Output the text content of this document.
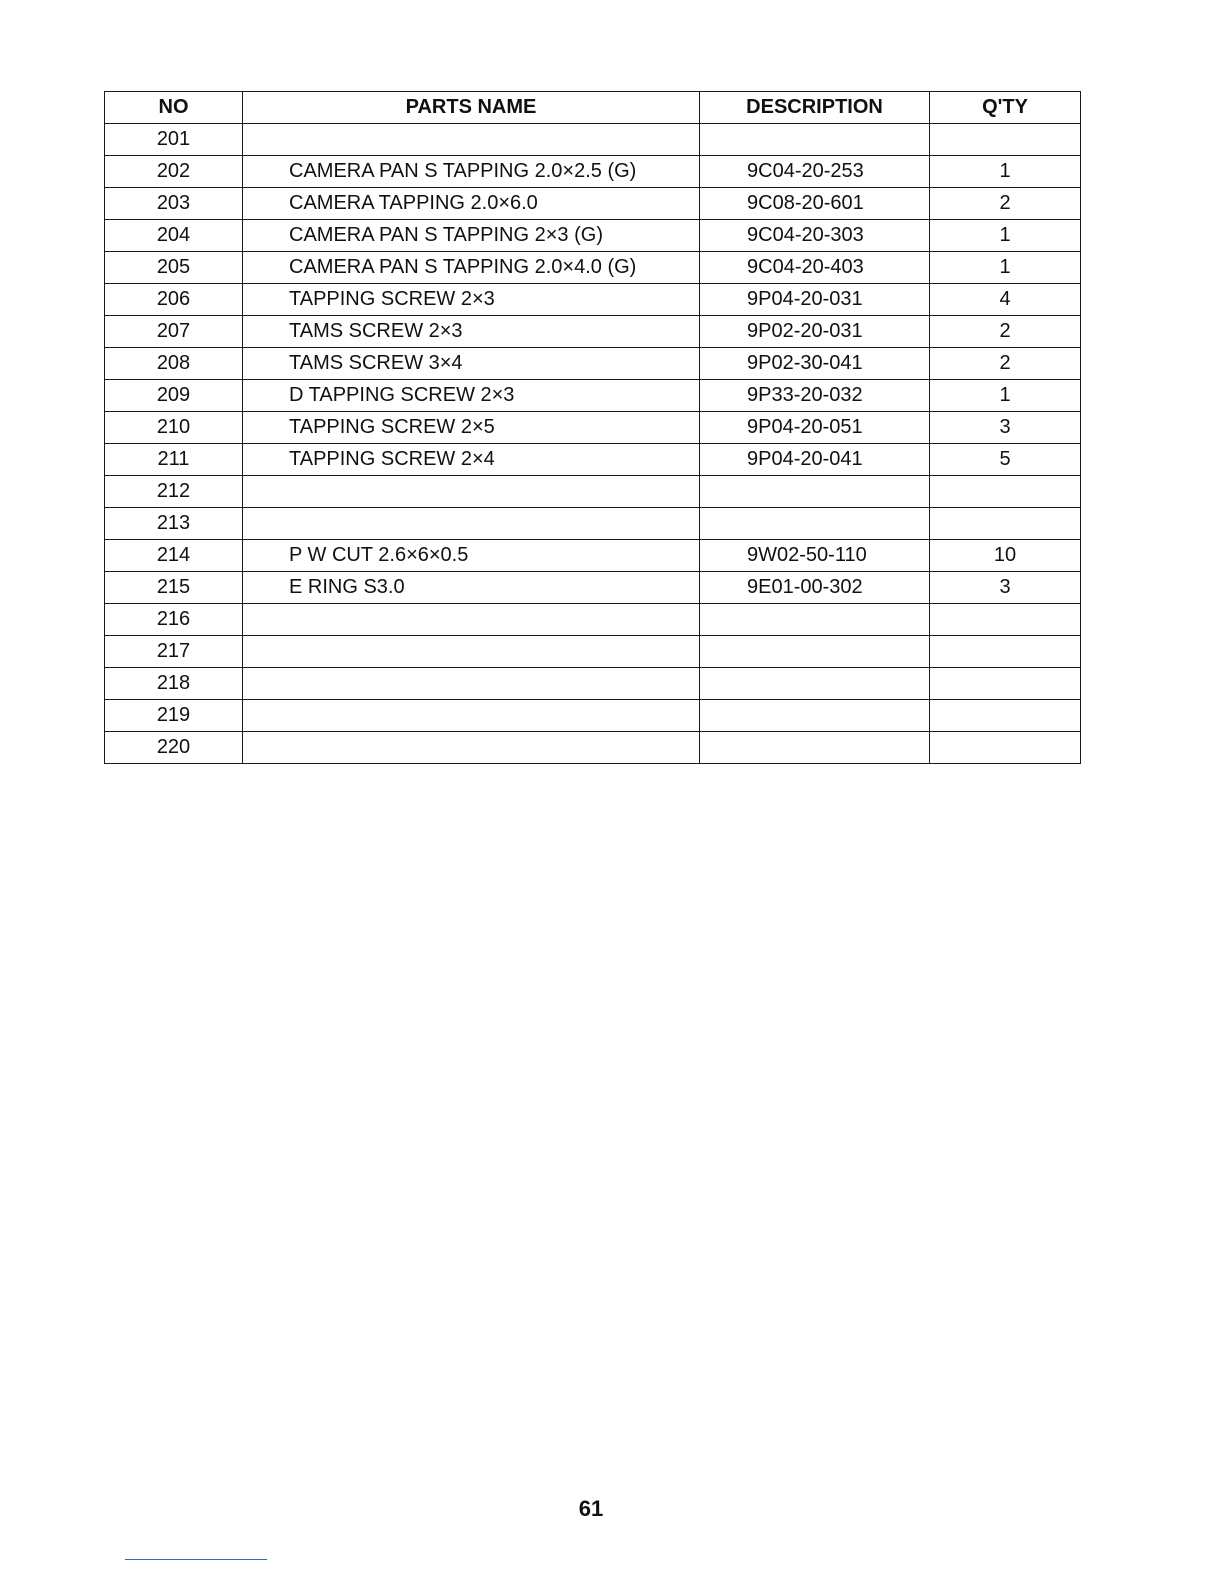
NO	PARTS NAME	DESCRIPTION	Q'TY
201			
202	CAMERA PAN S TAPPING 2.0×2.5 (G)	9C04-20-253	1
203	CAMERA TAPPING 2.0×6.0	9C08-20-601	2
204	CAMERA PAN S TAPPING 2×3 (G)	9C04-20-303	1
205	CAMERA PAN S TAPPING 2.0×4.0 (G)	9C04-20-403	1
206	TAPPING SCREW 2×3	9P04-20-031	4
207	TAMS SCREW 2×3	9P02-20-031	2
208	TAMS SCREW 3×4	9P02-30-041	2
209	D TAPPING SCREW 2×3	9P33-20-032	1
210	TAPPING SCREW 2×5	9P04-20-051	3
211	TAPPING SCREW 2×4	9P04-20-041	5
212			
213			
214	P W CUT 2.6×6×0.5	9W02-50-110	10
215	E RING S3.0	9E01-00-302	3
216			
217			
218			
219			
220			
61
